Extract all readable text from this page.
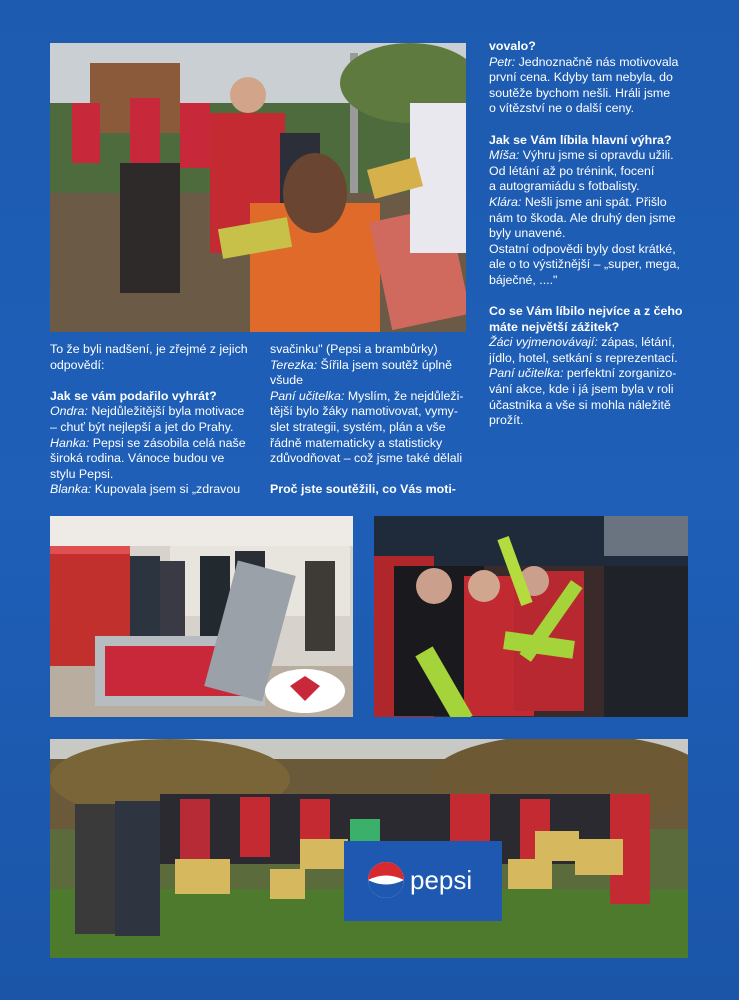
To že byli nadšení, je zřejmé z jejich

odpovědí:

Jak se vám podařilo vyhrát?

Ondra: Nejdůležitější byla motivace

– chuť být nejlepší a jet do Prahy.

Hanka: Pepsi se zásobila celá naše

široká rodina. Vánoce budou ve

stylu Pepsi.

Blanka: Kupovala jsem si „zdravou

svačinku" (Pepsi a brambůrky)

Terezka: Šířila jsem soutěž úplně

všude

Paní učitelka: Myslím, že nejdůleži-

tější bylo žáky namotivovat, vymy-

slet strategii, systém, plán a vše

řádně matematicky a statisticky

zdůvodňovat – což jsme také dělali

Proč jste soutěžili, co Vás moti-

vovalo?

Petr: Jednoznačně nás motivovala

první cena. Kdyby tam nebyla, do

soutěže bychom nešli. Hráli jsme

o vítězství ne o další ceny.

Jak se Vám líbila hlavní výhra?

Míša: Výhru jsme si opravdu užili.

Od létání až po trénink, focení

a autogramiádu s fotbalisty.

Klára: Nešli jsme ani spát. Přišlo

nám to škoda. Ale druhý den jsme

byly unavené.

Ostatní odpovědi byly dost krátké,

ale o to výstižnější – „super, mega,

báječné, ...."

Co se Vám líbilo nejvíce a z čeho

máte největší zážitek?

Žáci vyjmenovávají: zápas, létání,

jídlo, hotel, setkání s reprezentací.

Paní učitelka: perfektní zorganizo-

vání akce, kde i já jsem byla v roli

účastníka a vše si mohla náležitě

prožít.

pepsi
